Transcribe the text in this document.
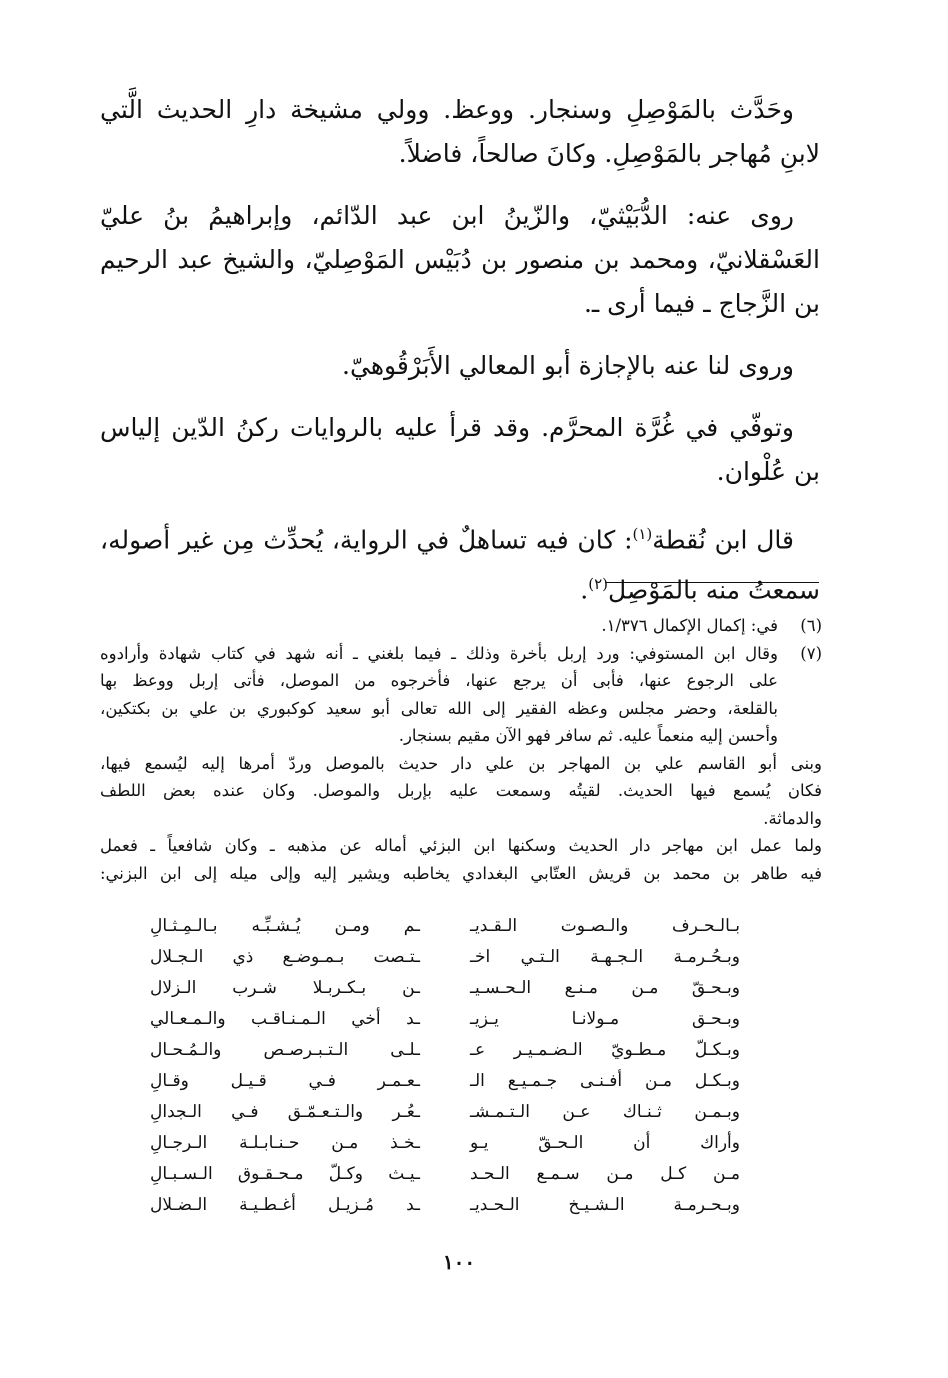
وحَدَّث بالمَوْصِلِ وسنجار. ووعظ. وولي مشيخة دارِ الحديث الَّتي لابنِ مُهاجر بالمَوْصِلِ. وكانَ صالحاً، فاضلاً.

روى عنه: الدُّبَيْثيّ، والزّينُ ابن عبد الدّائم، وإبراهيمُ بنُ عليّ العَسْقلانيّ، ومحمد بن منصور بن دُبَيْس المَوْصِليّ، والشيخ عبد الرحيم بن الزَّجاج ـ فيما أرى ـ.

وروى لنا عنه بالإجازة أبو المعالي الأَبَرْقُوهيّ.

وتوفّي في غُرَّة المحرَّم. وقد قرأ عليه بالروايات ركنُ الدّين إلياس بن عُلْوان.

قال ابن نُقطة$^{(١)}$: كان فيه تساهلٌ في الرواية، يُحدِّث مِن غير أصوله، سمعتُ منه بالمَوْصِل$^{(٢)}$.

(٦)
في: إكمال الإكمال ١/٣٧٦.
(٧)
وقال ابن المستوفي: ورد إربل بأخرة وذلك ـ فيما بلغني ـ أنه شهد في كتاب شهادة وأرادوه
على الرجوع عنها، فأبى أن يرجع عنها، فأخرجوه من الموصل، فأتى إربل ووعظ بها
بالقلعة، وحضر مجلس وعظه الفقير إلى الله تعالى أبو سعيد كوكبوري بن علي بن بكتكين،
وأحسن إليه منعماً عليه. ثم سافر فهو الآن مقيم بسنجار.
وبنى أبو القاسم علي بن المهاجر بن علي دار حديث بالموصل وردّ أمرها إليه ليُسمع فيها،
فكان يُسمع فيها الحديث. لقيتُه وسمعت عليه بإربل والموصل. وكان عنده بعض اللطف
والدماثة.
ولما عمل ابن مهاجر دار الحديث وسكنها ابن البزئي أماله عن مذهبه ـ وكان شافعياً ـ فعمل
فيه طاهر بن محمد بن قريش العتّابي البغدادي يخاطبه ويشير إليه وإلى ميله إلى ابن البزني:
بـالـحـرف والـصـوت الـقـديـ
ـم ومـن يُـشـبِّـه بـالـمِـثـالِ
وبـحُـرمـة الـجـهـة الـتـي اخـ
ـتـصت بـمـوضـع ذي الـجـلال
وبـحـقّ مـن مـنـع الـحـسـيـ
ـن بـكـربـلا شـرب الـزلال
وبـحـق مـولانـا يـزيـ
ـد أخي الـمـنـاقـب والـمـعـالي
وبـكـلّ مـطـويّ الـضـمـيـر عـ
ـلـى الـتـبـرصـص والـمُـحـال
وبـكـل مـن أفـنـى جـمـيـع الـ
ـعـمـر فـي قـيـل وقـالِ
وبـمـن ثـنـاك عـن الـتـمـشـ
ـعُـر والـتـعـمّـق فـي الـجدالِ
وأراك أن الـحـقّ يـو
ـخـذ مـن حـنـابـلـة الـرجـالِ
مـن كـل مـن سـمـع الـحـد
ـيـث وكـلّ مـحـقـوق الـسـبـالِ
وبـحـرمـة الـشـيـخ الـحـديـ
ـد مُـزيـل أغـطـيـة الـضـلال
١٠٠
